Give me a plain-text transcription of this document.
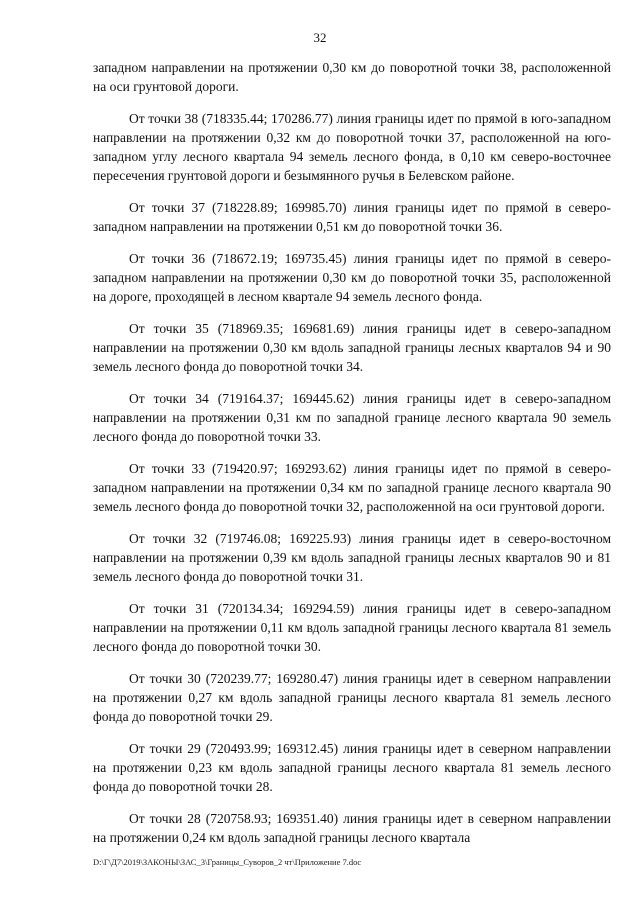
32

западном направлении на протяжении 0,30 км до поворотной точки 38, расположенной на оси грунтовой дороги.

От точки 38 (718335.44; 170286.77) линия границы идет по прямой в юго-западном направлении на протяжении 0,32 км до поворотной точки 37, расположенной на юго-западном углу лесного квартала 94 земель лесного фонда, в 0,10 км северо-восточнее пересечения грунтовой дороги и безымянного ручья в Белевском районе.

От точки 37 (718228.89; 169985.70) линия границы идет по прямой в северо-западном направлении на протяжении 0,51 км до поворотной точки 36.

От точки 36 (718672.19; 169735.45) линия границы идет по прямой в северо-западном направлении на протяжении 0,30 км до поворотной точки 35, расположенной на дороге, проходящей в лесном квартале 94 земель лесного фонда.

От точки 35 (718969.35; 169681.69) линия границы идет в северо-западном направлении на протяжении 0,30 км вдоль западной границы лесных кварталов 94 и 90 земель лесного фонда до поворотной точки 34.

От точки 34 (719164.37; 169445.62) линия границы идет в северо-западном направлении на протяжении 0,31 км по западной границе лесного квартала 90 земель лесного фонда до поворотной точки 33.

От точки 33 (719420.97; 169293.62) линия границы идет по прямой в северо-западном направлении на протяжении 0,34 км по западной границе лесного квартала 90 земель лесного фонда до поворотной точки 32, расположенной на оси грунтовой дороги.

От точки 32 (719746.08; 169225.93) линия границы идет в северо-восточном направлении на протяжении 0,39 км вдоль западной границы лесных кварталов 90 и 81 земель лесного фонда до поворотной точки 31.

От точки 31 (720134.34; 169294.59) линия границы идет в северо-западном направлении на протяжении 0,11 км вдоль западной границы лесного квартала 81 земель лесного фонда до поворотной точки 30.

От точки 30 (720239.77; 169280.47) линия границы идет в северном направлении на протяжении 0,27 км вдоль западной границы лесного квартала 81 земель лесного фонда до поворотной точки 29.

От точки 29 (720493.99; 169312.45) линия границы идет в северном направлении на протяжении 0,23 км вдоль западной границы лесного квартала 81 земель лесного фонда до поворотной точки 28.

От точки 28 (720758.93; 169351.40) линия границы идет в северном направлении на протяжении 0,24 км вдоль западной границы лесного квартала

D:\Г\Д7\2019\ЗАКОНЫ\ЗАС_3\Границы_Суворов_2 чт\Приложение 7.doc
